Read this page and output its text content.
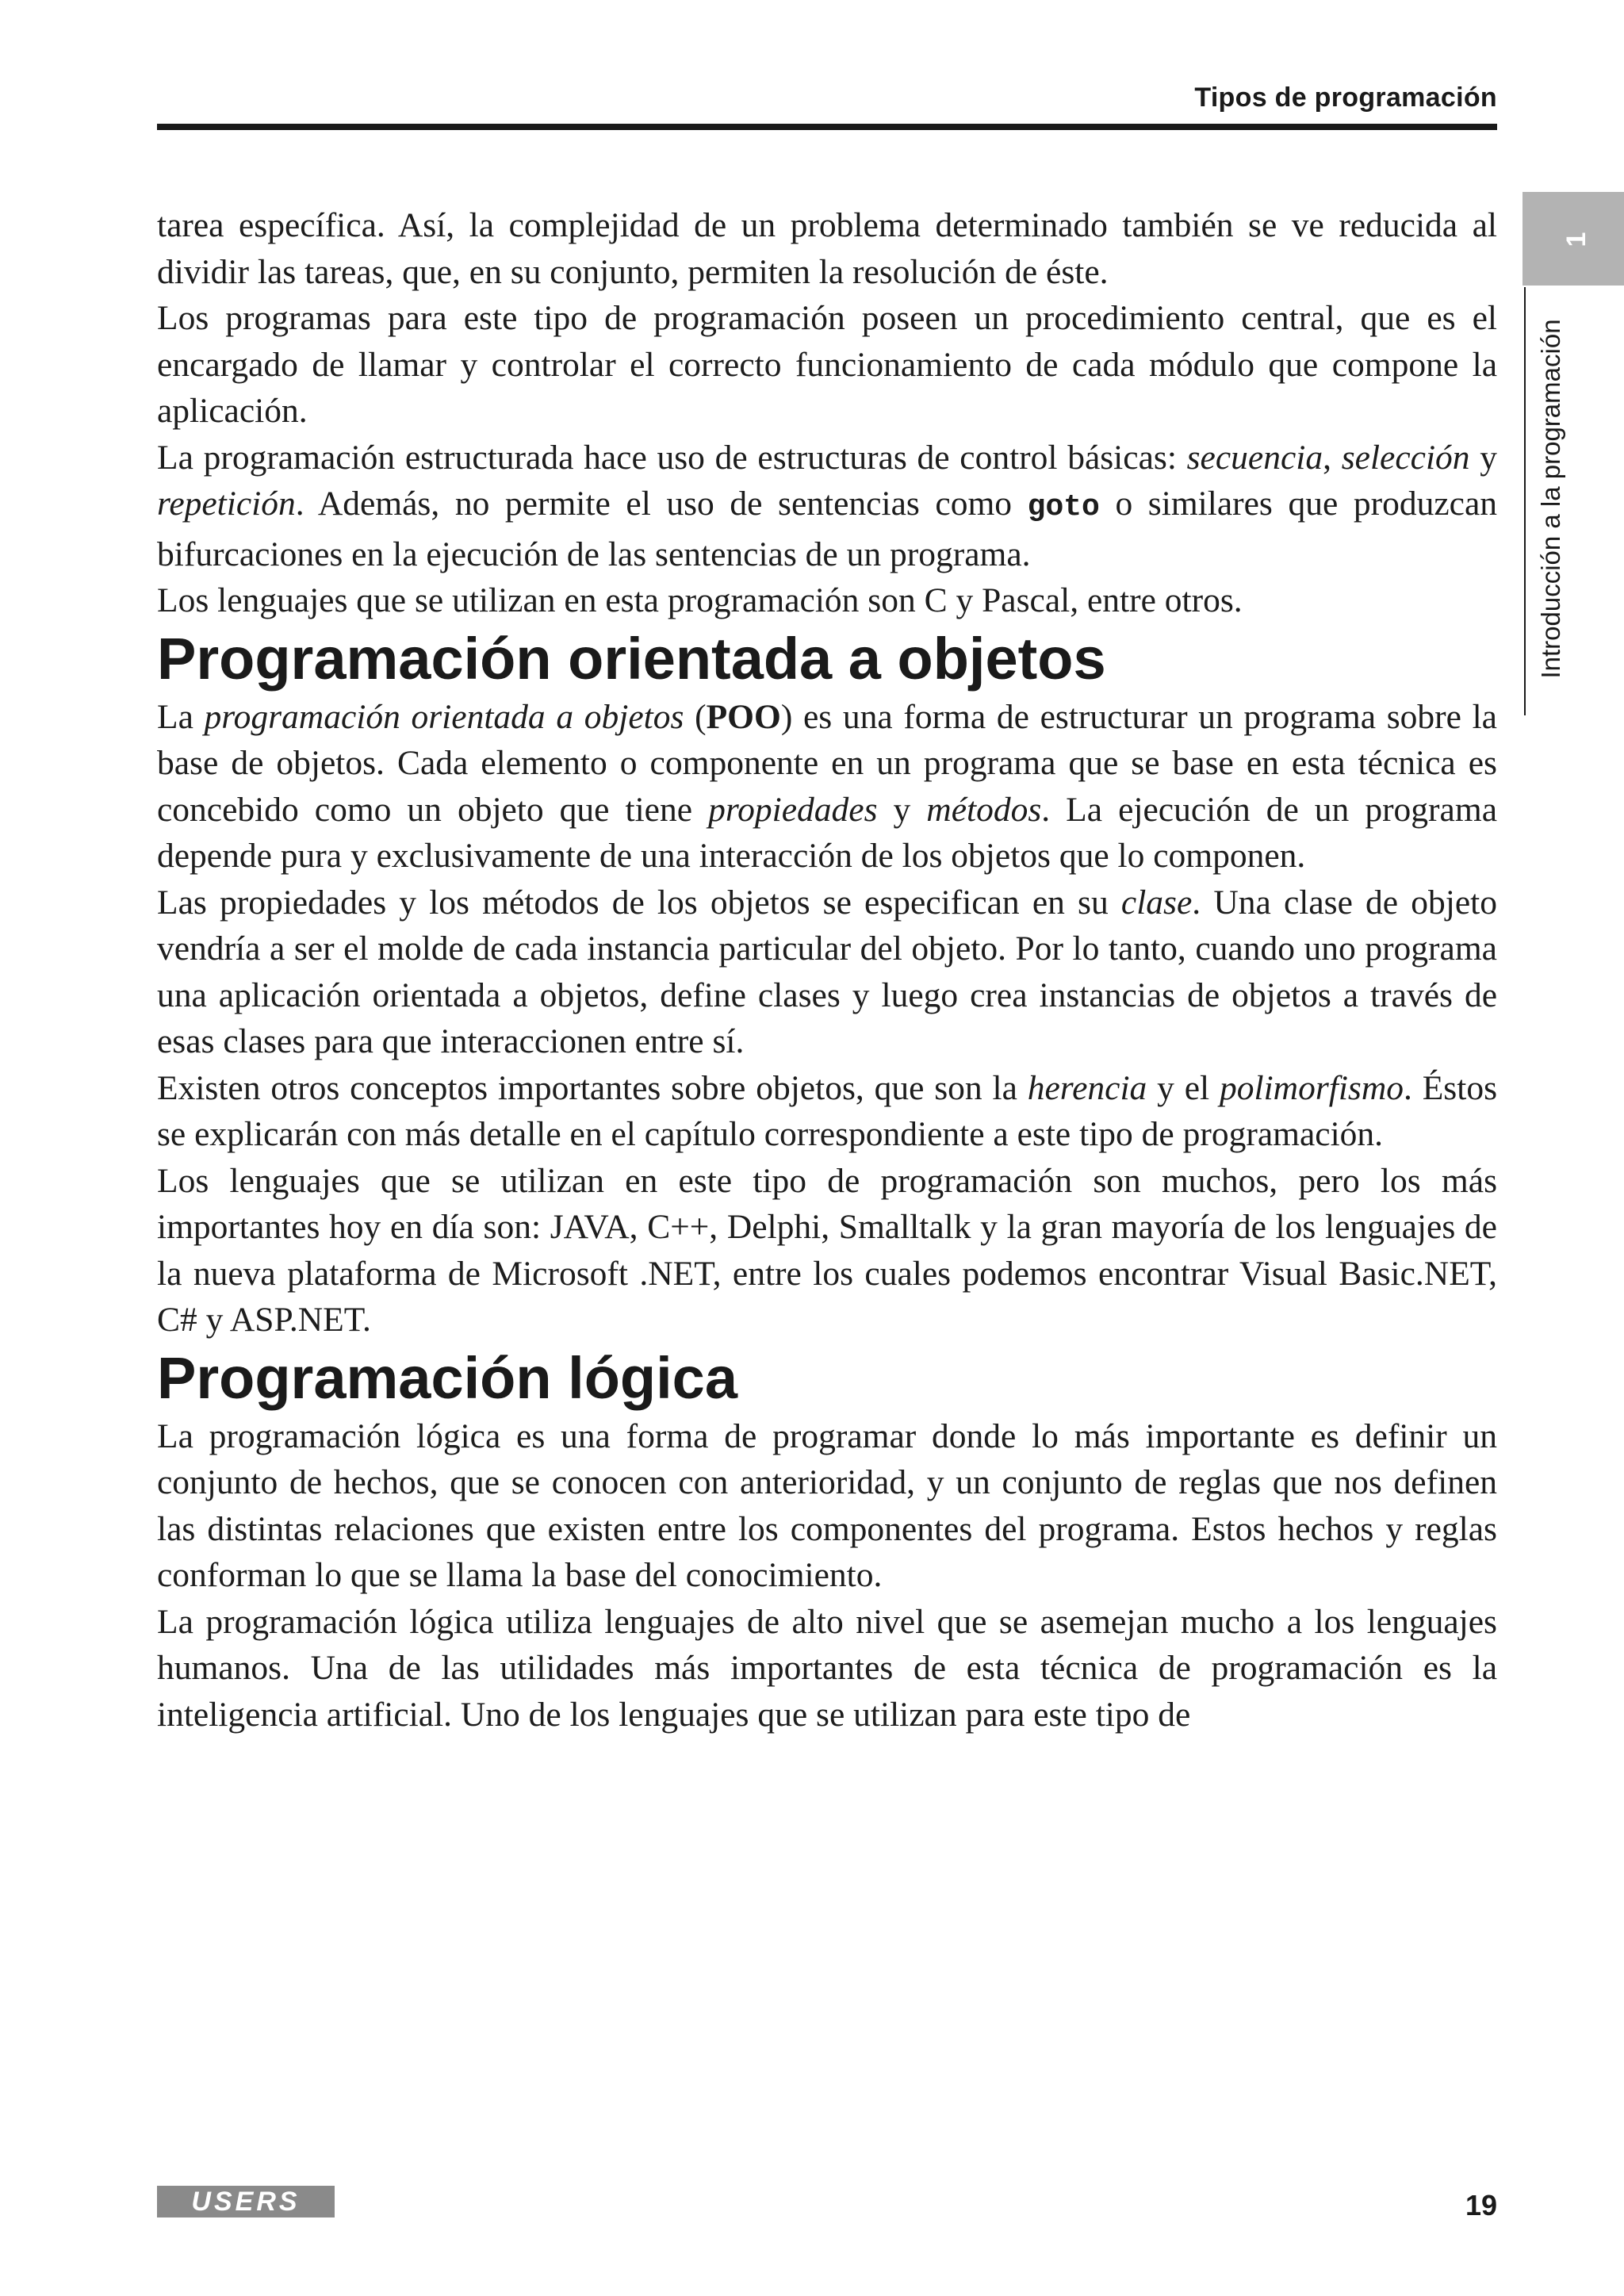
Tipos de programación
1
Introducción a la programación

tarea específica. Así, la complejidad de un problema determinado también se ve reducida al dividir las tareas, que, en su conjunto, permiten la resolución de éste.

Los programas para este tipo de programación poseen un procedimiento central, que es el encargado de llamar y controlar el correcto funcionamiento de cada módulo que compone la aplicación.

La programación estructurada hace uso de estructuras de control básicas: secuencia, selección y repetición. Además, no permite el uso de sentencias como goto o similares que produzcan bifurcaciones en la ejecución de las sentencias de un programa.

Los lenguajes que se utilizan en esta programación son C y Pascal, entre otros.

Programación orientada a objetos

La programación orientada a objetos (POO) es una forma de estructurar un programa sobre la base de objetos. Cada elemento o componente en un programa que se base en esta técnica es concebido como un objeto que tiene propiedades y métodos. La ejecución de un programa depende pura y exclusivamente de una interacción de los objetos que lo componen.

Las propiedades y los métodos de los objetos se especifican en su clase. Una clase de objeto vendría a ser el molde de cada instancia particular del objeto. Por lo tanto, cuando uno programa una aplicación orientada a objetos, define clases y luego crea instancias de objetos a través de esas clases para que interaccionen entre sí.

Existen otros conceptos importantes sobre objetos, que son la herencia y el polimorfismo. Éstos se explicarán con más detalle en el capítulo correspondiente a este tipo de programación.

Los lenguajes que se utilizan en este tipo de programación son muchos, pero los más importantes hoy en día son: JAVA, C++, Delphi, Smalltalk y la gran mayoría de los lenguajes de la nueva plataforma de Microsoft .NET, entre los cuales podemos encontrar Visual Basic.NET, C# y ASP.NET.

Programación lógica

La programación lógica es una forma de programar donde lo más importante es definir un conjunto de hechos, que se conocen con anterioridad, y un conjunto de reglas que nos definen las distintas relaciones que existen entre los componentes del programa. Estos hechos y reglas conforman lo que se llama la base del conocimiento.

La programación lógica utiliza lenguajes de alto nivel que se asemejan mucho a los lenguajes humanos. Una de las utilidades más importantes de esta técnica de programación es la inteligencia artificial. Uno de los lenguajes que se utilizan para este tipo de

USERS	19
